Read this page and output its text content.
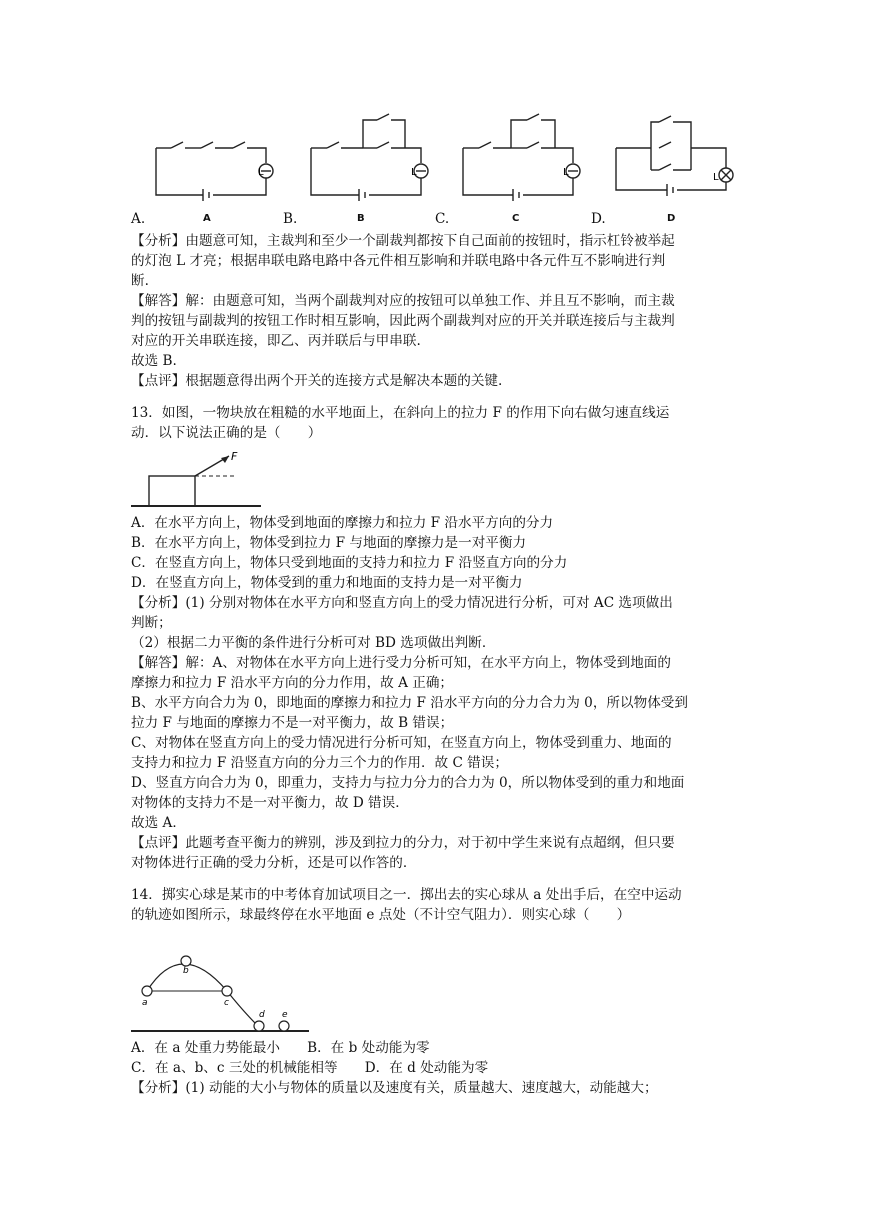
L	L	L	L
A.	A	B.	B	C.	C	D.	D
【分析】由题意可知，主裁判和至少一个副裁判都按下自己面前的按钮时，指示杠铃被举起
的灯泡 L 才亮；根据串联电路电路中各元件相互影响和并联电路中各元件互不影响进行判
断.
【解答】解：由题意可知，当两个副裁判对应的按钮可以单独工作、并且互不影响，而主裁
判的按钮与副裁判的按钮工作时相互影响，因此两个副裁判对应的开关并联连接后与主裁判
对应的开关串联连接，即乙、丙并联后与甲串联.
故选 B.
【点评】根据题意得出两个开关的连接方式是解决本题的关键.
13．如图，一物块放在粗糙的水平地面上，在斜向上的拉力 F 的作用下向右做匀速直线运
动．以下说法正确的是（　　）
F
A．在水平方向上，物体受到地面的摩擦力和拉力 F 沿水平方向的分力
B．在水平方向上，物体受到拉力 F 与地面的摩擦力是一对平衡力
C．在竖直方向上，物体只受到地面的支持力和拉力 F 沿竖直方向的分力
D．在竖直方向上，物体受到的重力和地面的支持力是一对平衡力
【分析】(1) 分别对物体在水平方向和竖直方向上的受力情况进行分析，可对 AC 选项做出
判断；
（2）根据二力平衡的条件进行分析可对 BD 选项做出判断．
【解答】解：A、对物体在水平方向上进行受力分析可知，在水平方向上，物体受到地面的
摩擦力和拉力 F 沿水平方向的分力作用，故 A 正确；
B、水平方向合力为 0，即地面的摩擦力和拉力 F 沿水平方向的分力合力为 0，所以物体受到
拉力 F 与地面的摩擦力不是一对平衡力，故 B 错误；
C、对物体在竖直方向上的受力情况进行分析可知，在竖直方向上，物体受到重力、地面的
支持力和拉力 F 沿竖直方向的分力三个力的作用．故 C 错误；
D、竖直方向合力为 0，即重力，支持力与拉力分力的合力为 0，所以物体受到的重力和地面
对物体的支持力不是一对平衡力，故 D 错误．
故选 A．
【点评】此题考查平衡力的辨别，涉及到拉力的分力，对于初中学生来说有点超纲，但只要
对物体进行正确的受力分析，还是可以作答的．
14．掷实心球是某市的中考体育加试项目之一．掷出去的实心球从 a 处出手后，在空中运动
的轨迹如图所示，球最终停在水平地面 e 点处（不计空气阻力）．则实心球（　　）
a
b
c
d e
A．在 a 处重力势能最小　　B．在 b 处动能为零
C．在 a、b、c 三处的机械能相等　　D．在 d 处动能为零
【分析】(1) 动能的大小与物体的质量以及速度有关，质量越大、速度越大，动能越大；
